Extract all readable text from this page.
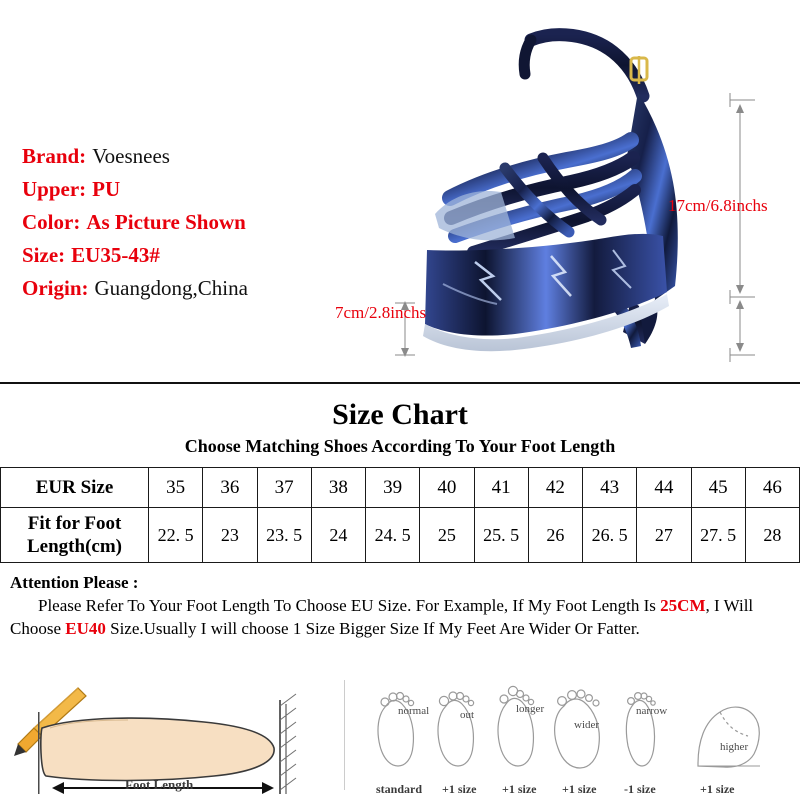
Brand: Voesnees
Upper: PU
Color: As Picture Shown
Size: EU35-43#
Origin: Guangdong,China
17cm/6.8inchs
7cm/2.8inchs
Size Chart
Choose Matching Shoes According To Your Foot Length
EUR Size	35	36	37	38	39	40	41	42	43	44	45	46
Fit for Foot Length(cm)	22. 5	23	23. 5	24	24. 5	25	25. 5	26	26. 5	27	27. 5	28
Attention Please :
Please Refer To Your Foot Length To Choose EU Size. For Example, If My Foot Length Is 25CM, I Will Choose EU40 Size.Usually I will choose 1 Size Bigger Size If My Feet Are Wider Or Fatter.
Foot Length
normal	out	longer
wider
narrow
higher
standard +1 size +1 size +1 size -1 size	+1 size
